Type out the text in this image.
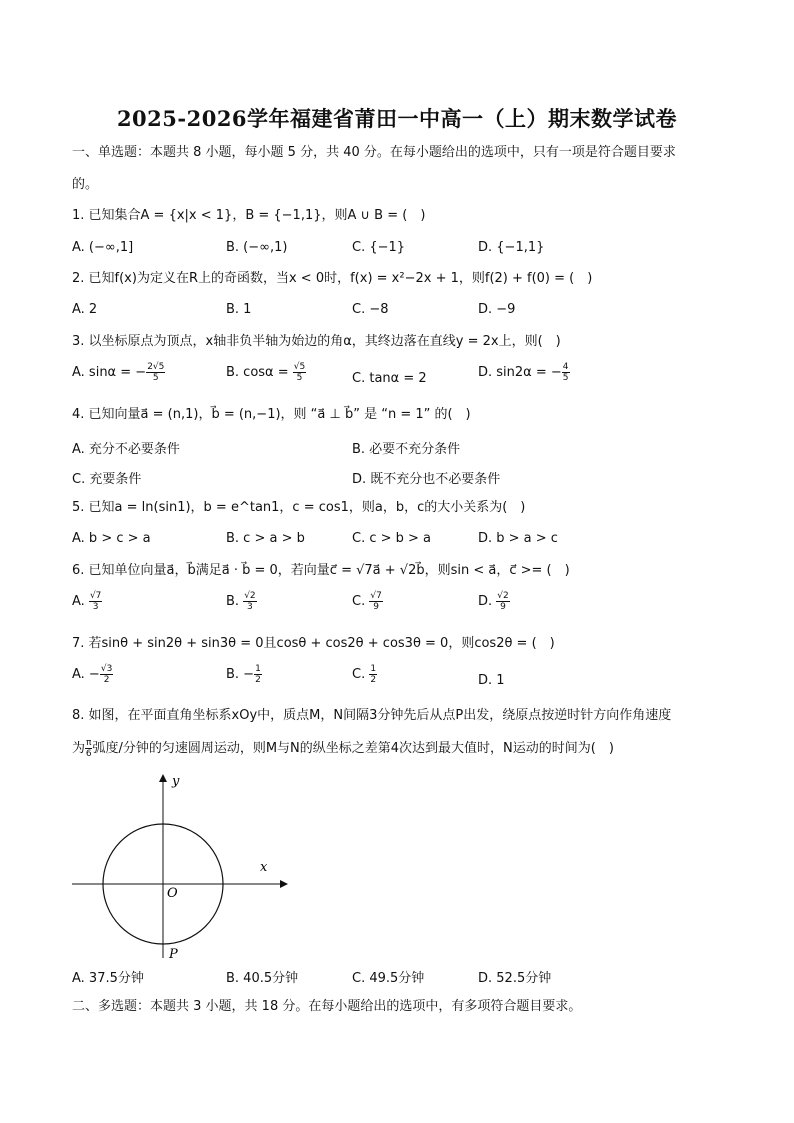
2025-2026学年福建省莆田一中高一（上）期末数学试卷
一、单选题：本题共 8 小题，每小题 5 分，共 40 分。在每小题给出的选项中，只有一项是符合题目要求
的。
1. 已知集合A = {x|x < 1}，B = {−1,1}，则A ∪ B = (　)
A. (−∞,1]	B. (−∞,1)	C. {−1}	D. {−1,1}
2. 已知f(x)为定义在R上的奇函数，当x < 0时，f(x) = x²−2x + 1，则f(2) + f(0) = (　)
A. 2	B. 1	C. −8	D. −9
3. 以坐标原点为顶点，x轴非负半轴为始边的角α，其终边落在直线y = 2x上，则(　)
A. sinα = − $\frac{2√5}{5}$	B. $\cos\alpha = \frac{√5}{5}$	C. tanα = 2	D. sin2α = − $\frac{4}{5}$
4. 已知向量a⃗ = (n,1)，b⃗ = (n,−1)，则 “a⃗ ⊥ b⃗” 是 “n = 1” 的(　)
A. 充分不必要条件	B. 必要不充分条件
C. 充要条件	D. 既不充分也不必要条件
5. 已知a = ln(sin1)，b = e^tan1，c = cos1，则a，b，c的大小关系为(　)
A. b > c > a	B. c > a > b	C. c > b > a	D. b > a > c
6. 已知单位向量a⃗，b⃗满足a⃗ · b⃗ = 0，若向量c⃗ = √7a⃗ + √2b⃗，则sin < a⃗，c⃗ >= (　)
A. $\frac{√7}{3}$	B. $\frac{√2}{3}$	C. $\frac{√7}{9}$	D. $\frac{√2}{9}$
7. 若sinθ + sin2θ + sin3θ = 0且cosθ + cos2θ + cos3θ = 0，则cos2θ = (　)
A. − $\frac{√3}{2}$	B. − $\frac{1}{2}$	C. $\frac{1}{2}$	D. 1
8. 如图，在平面直角坐标系xOy中，质点M，N间隔3分钟先后从点P出发，绕原点按逆时针方向作角速度
为 $\frac{\pi}{6}$ 弧度/分钟的匀速圆周运动，则M与N的纵坐标之差第4次达到最大值时，N运动的时间为(　)
x
y
O
P
A. 37.5分钟	B. 40.5分钟	C. 49.5分钟	D. 52.5分钟
二、多选题：本题共 3 小题，共 18 分。在每小题给出的选项中，有多项符合题目要求。
